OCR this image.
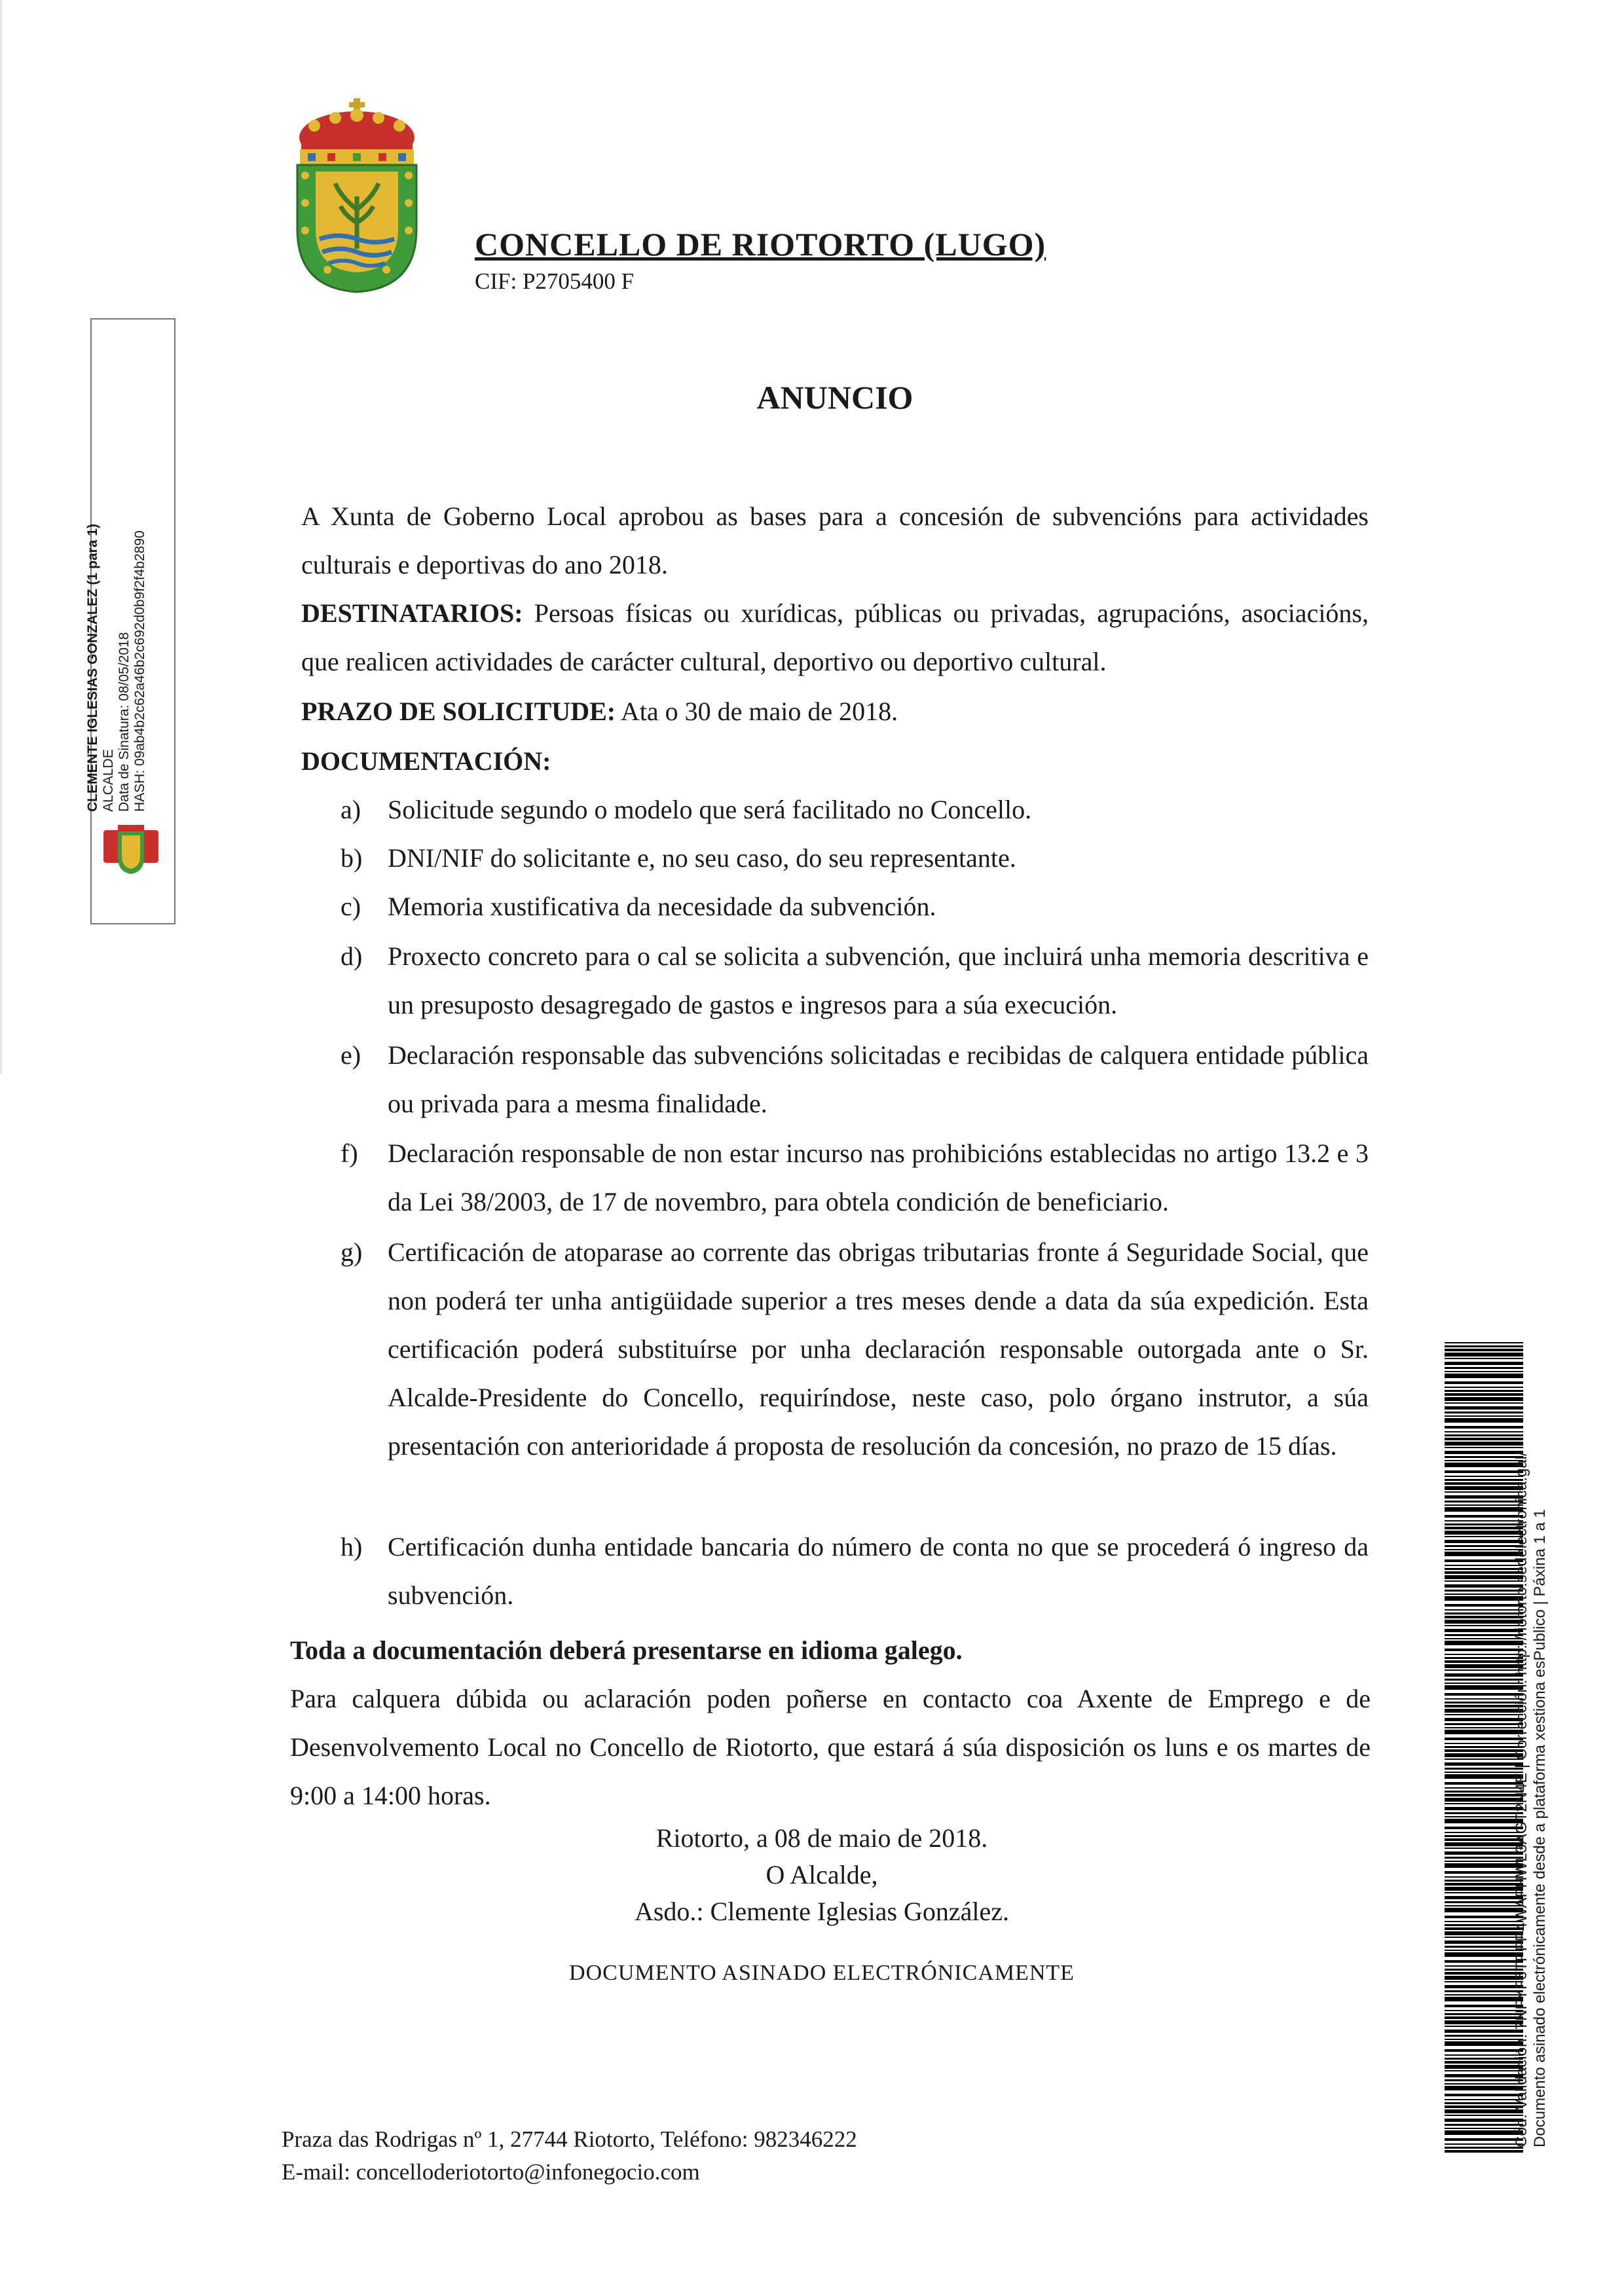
CONCELLO DE RIOTORTO (LUGO)
CIF: P2705400 F
ANUNCIO
A Xunta de Goberno Local aprobou as bases para a concesión de subvencións para actividades culturais e deportivas do ano 2018.
DESTINATARIOS: Persoas físicas ou xurídicas, públicas ou privadas, agrupacións, asociacións, que realicen actividades de carácter cultural, deportivo ou deportivo cultural.
PRAZO DE SOLICITUDE: Ata o 30 de maio de 2018.
DOCUMENTACIÓN:
a)	Solicitude segundo o modelo que será facilitado no Concello.
b) DNI/NIF do solicitante e, no seu caso, do seu representante.
c)	Memoria xustificativa da necesidade da subvención.
d) Proxecto concreto para o cal se solicita a subvención, que incluirá unha memoria descritiva e un presuposto desagregado de gastos e ingresos para a súa execución.
e)	Declaración responsable das subvencións solicitadas e recibidas de calquera entidade pública ou privada para a mesma finalidade.
f)	Declaración responsable de non estar incurso nas prohibicións establecidas no artigo 13.2 e 3 da Lei 38/2003, de 17 de novembro, para obtela condición de beneficiario.
g) Certificación de atoparase ao corrente das obrigas tributarias fronte á Seguridade Social, que non poderá ter unha antigüidade superior a tres meses dende a data da súa expedición. Esta certificación poderá substituírse por unha declaración responsable outorgada ante o Sr. Alcalde-Presidente do Concello, requiríndose, neste caso, polo órgano instrutor, a súa presentación con anterioridade á proposta de resolución da concesión, no prazo de 15 días.
h) Certificación dunha entidade bancaria do número de conta no que se procederá ó ingreso da subvención.
Toda a documentación deberá presentarse en idioma galego.
Para calquera dúbida ou aclaración poden poñerse en contacto coa Axente de Emprego e de Desenvolvemento Local no Concello de Riotorto, que estará á súa disposición os luns e os martes de 9:00 a 14:00 horas.
Riotorto, a 08 de maio de 2018.
O Alcalde,
Asdo.: Clemente Iglesias González.
DOCUMENTO ASINADO ELECTRÓNICAMENTE
Praza das Rodrigas nº 1, 27744 Riotorto, Teléfono: 982346222
E-mail: concelloderiotorto@infonegocio.com
CLEMENTE IGLESIAS GONZALEZ (1 para 1) ALCALDE Data de Sinatura: 08/05/2018 HASH: 09ab4b2c62a46b2c692d0b9f2f4b2890
Cód. Validación: 7NFYF6TPFP4WAFHWL3AGT2N4E | Corrección: http://riotorto.sedelectronica.gal/ Documento asinado electrónicamente desde a plataforma xestiona esPublico | Páxina 1 a 1
